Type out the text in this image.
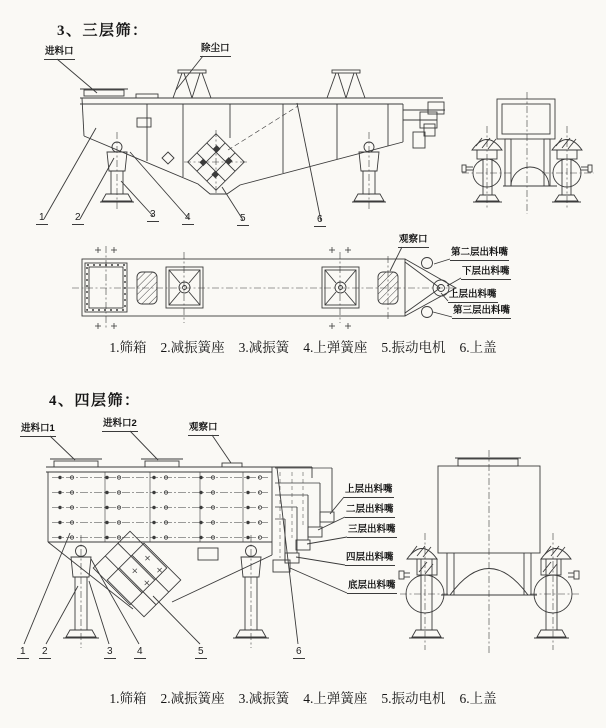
3、三层筛：
进料口	除尘口
1	2	3	4	5	6
观察口
第二层出料嘴
下层出料嘴
上层出料嘴
第三层出料嘴
1.筛箱 2.减振簧座 3.减振簧 4.上弹簧座 5.振动电机 6.上盖
4、四层筛：
进料口1	进料口2	观察口
上层出料嘴
二层出料嘴
三层出料嘴
四层出料嘴
底层出料嘴
1	2	3	4	5	6
1.筛箱 2.减振簧座 3.减振簧 4.上弹簧座 5.振动电机 6.上盖
